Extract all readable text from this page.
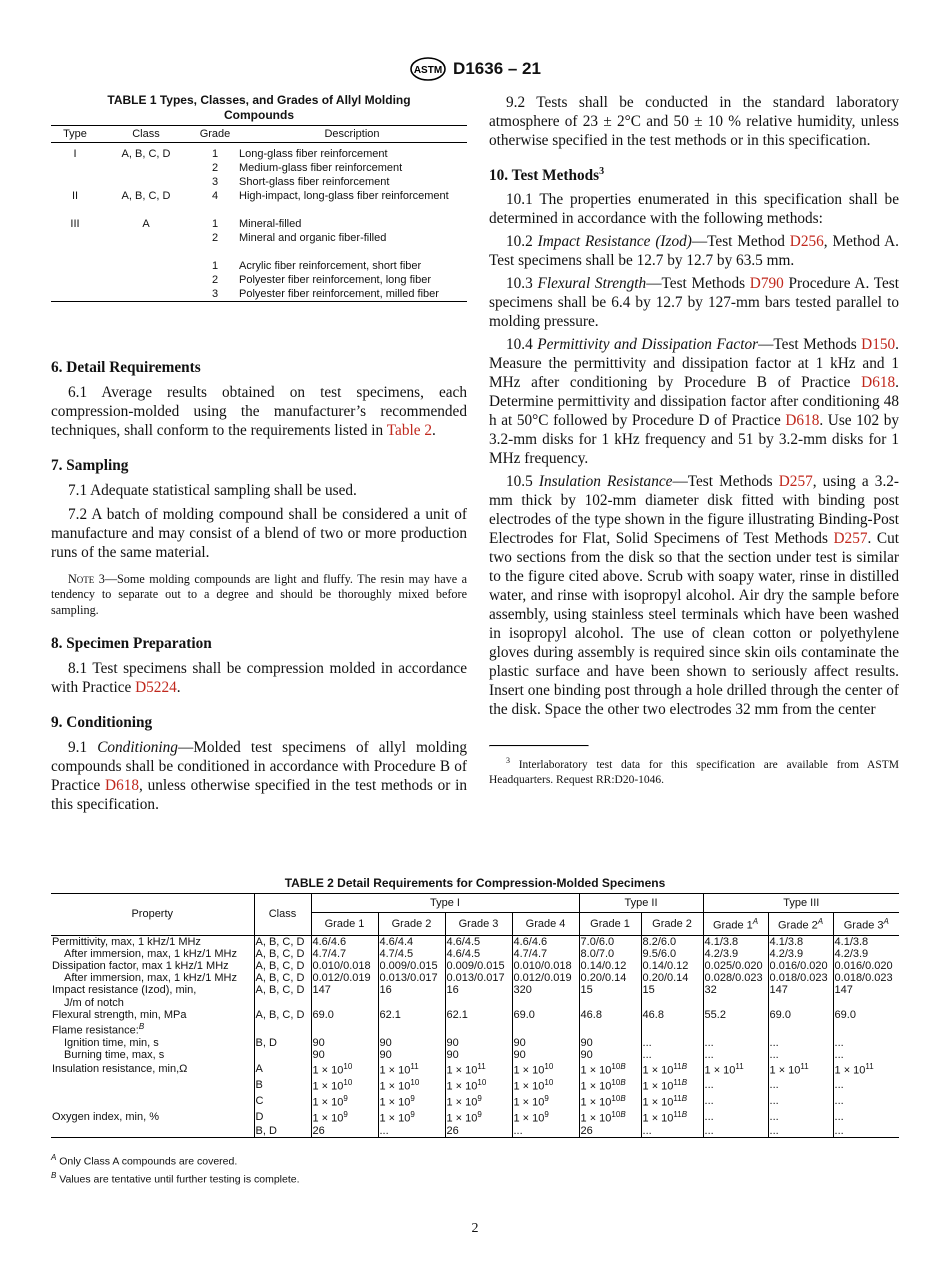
ASTM D1636 – 21
TABLE 1 Types, Classes, and Grades of Allyl Molding
Compounds
Type	Class	Grade	Description

I	A, B, C, D	1	Long-glass fiber reinforcement
		2	Medium-glass fiber reinforcement
		3	Short-glass fiber reinforcement
II	A, B, C, D	4	High-impact, long-glass fiber reinforcement

III	A	1	Mineral-filled
		2	Mineral and organic fiber-filled

		1	Acrylic fiber reinforcement, short fiber
		2	Polyester fiber reinforcement, long fiber
		3	Polyester fiber reinforcement, milled fiber

6. Detail Requirements

6.1 Average results obtained on test specimens, each compression-molded using the manufacturer’s recommended techniques, shall conform to the requirements listed in Table 2.

7. Sampling

7.1 Adequate statistical sampling shall be used.

7.2 A batch of molding compound shall be considered a unit of manufacture and may consist of a blend of two or more production runs of the same material.

Note 3—Some molding compounds are light and fluffy. The resin may have a tendency to separate out to a degree and should be thoroughly mixed before sampling.

8. Specimen Preparation

8.1 Test specimens shall be compression molded in accordance with Practice D5224.

9. Conditioning

9.1 Conditioning—Molded test specimens of allyl molding compounds shall be conditioned in accordance with Procedure B of Practice D618, unless otherwise specified in the test methods or in this specification.

9.2 Tests shall be conducted in the standard laboratory atmosphere of 23 ± 2°C and 50 ± 10 % relative humidity, unless otherwise specified in the test methods or in this specification.

10. Test Methods$^3$

10.1 The properties enumerated in this specification shall be determined in accordance with the following methods:

10.2 Impact Resistance (Izod)—Test Method D256, Method A. Test specimens shall be 12.7 by 12.7 by 63.5 mm.

10.3 Flexural Strength—Test Methods D790 Procedure A. Test specimens shall be 6.4 by 12.7 by 127-mm bars tested parallel to molding pressure.

10.4 Permittivity and Dissipation Factor—Test Methods D150. Measure the permittivity and dissipation factor at 1 kHz and 1 MHz after conditioning by Procedure B of Practice D618. Determine permittivity and dissipation factor after conditioning 48 h at 50°C followed by Procedure D of Practice D618. Use 102 by 3.2-mm disks for 1 kHz frequency and 51 by 3.2-mm disks for 1 MHz frequency.

10.5 Insulation Resistance—Test Methods D257, using a 3.2-mm thick by 102-mm diameter disk fitted with binding post electrodes of the type shown in the figure illustrating Binding-Post Electrodes for Flat, Solid Specimens of Test Methods D257. Cut two sections from the disk so that the section under test is similar to the figure cited above. Scrub with soapy water, rinse in distilled water, and rinse with isopropyl alcohol. Air dry the sample before assembly, using stainless steel terminals which have been washed in isopropyl alcohol. The use of clean cotton or polyethylene gloves during assembly is required since skin oils contaminate the plastic surface and have been shown to seriously affect results. Insert one binding post through a hole drilled through the center of the disk. Space the other two electrodes 32 mm from the center

$^3$ Interlaboratory test data for this specification are available from ASTM Headquarters. Request RR:D20-1046.

TABLE 2 Detail Requirements for Compression-Molded Specimens
Property	Class	Type I				Type II		Type III		
		Grade 1	Grade 2	Grade 3	Grade 4	Grade 1	Grade 2	Grade $1^A$	Grade $2^A$	Grade $3^A$
Permittivity, max, 1 kHz/1 MHz	A, B, C, D	4.6/4.6	4.6/4.4	4.6/4.5	4.6/4.6	7.0/6.0	8.2/6.0	4.1/3.8	4.1/3.8	4.1/3.8
After immersion, max, 1 kHz/1 MHz	A, B, C, D	4.7/4.7	4.7/4.5	4.6/4.5	4.7/4.7	8.0/7.0	9.5/6.0	4.2/3.9	4.2/3.9	4.2/3.9
Dissipation factor, max 1 kHz/1 MHz	A, B, C, D	0.010/0.018	0.009/0.015	0.009/0.015	0.010/0.018	0.14/0.12	0.14/0.12	0.025/0.020	0.016/0.020	0.016/0.020
After immersion, max, 1 kHz/1 MHz	A, B, C, D	0.012/0.019	0.013/0.017	0.013/0.017	0.012/0.019	0.20/0.14	0.20/0.14	0.028/0.023	0.018/0.023	0.018/0.023
Impact resistance (Izod), min,	A, B, C, D	147	16	16	320	15	15	32	147	147
J/m of notch										

Flexural strength, min, MPa	A, B, C, D	69.0	62.1	62.1	69.0	46.8	46.8	55.2	69.0	69.0
Flame resistance:$^B$										
Ignition time, min, s	B, D	90	90	90	90	90	...	...	...	...
Burning time, max, s		90	90	90	90	90	...	...	...	...
Insulation resistance, min,Ω	A	$1 \times 10^{10}$	$1 \times 10^{11}$	$1 \times 10^{11}$	$1 \times 10^{10}$	$1 \times 10^{10B}$	$1 \times 10^{11B}$	$1 \times 10^{11}$	$1 \times 10^{11}$	$1 \times 10^{11}$
	B	$1 \times 10^{10}$	$1 \times 10^{10}$	$1 \times 10^{10}$	$1 \times 10^{10}$	$1 \times 10^{10B}$	$1 \times 10^{11B}$	...	...	...
	C	$1 \times 10^9$	$1 \times 10^9$	$1 \times 10^9$	$1 \times 10^9$	$1 \times 10^{10B}$	$1 \times 10^{11B}$	...	...	...
Oxygen index, min, %	D	$1 \times 10^9$	$1 \times 10^9$	$1 \times 10^9$	$1 \times 10^9$	$1 \times 10^{10B}$	$1 \times 10^{11B}$	...	...	...
	B, D	26	...	26	...	26	...	...	...	...
$^A$ Only Class A compounds are covered.
$^B$ Values are tentative until further testing is complete.
2
